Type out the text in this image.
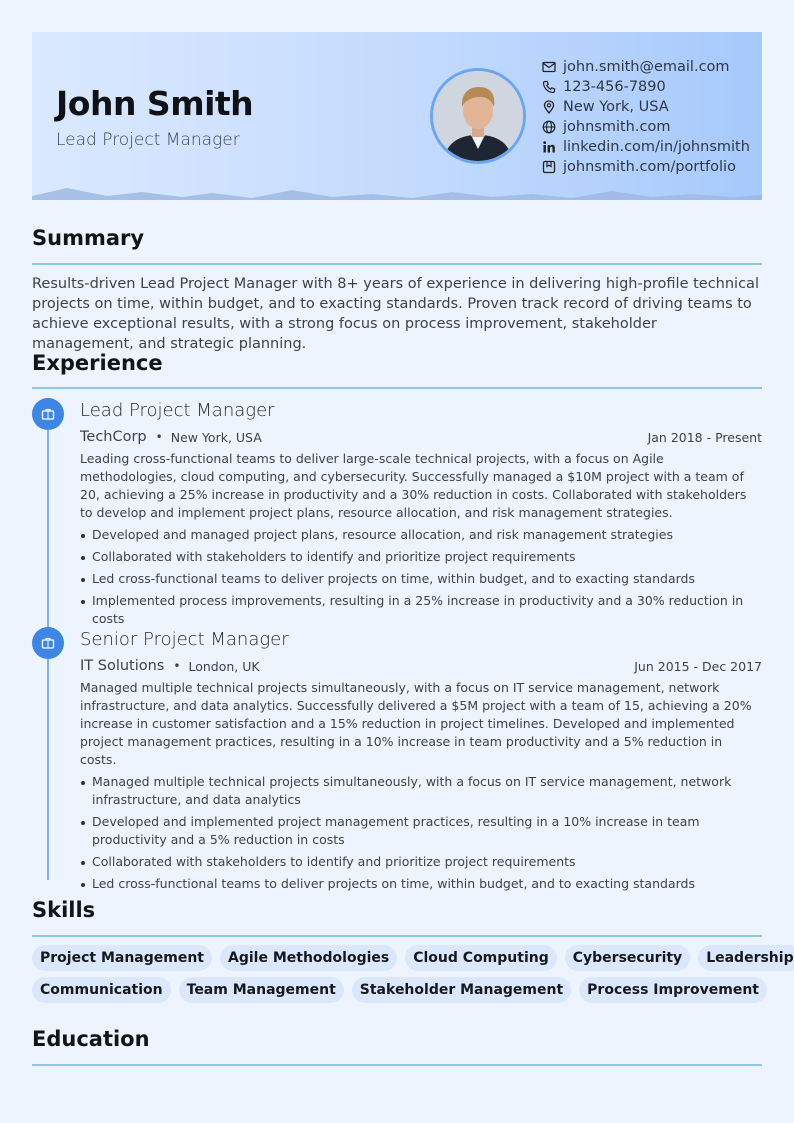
John Smith
Lead Project Manager
john.smith@email.com
123-456-7890
New York, USA
johnsmith.com
linkedin.com/in/johnsmith
johnsmith.com/portfolio
Summary
Results-driven Lead Project Manager with 8+ years of experience in delivering high-profile technical projects on time, within budget, and to exacting standards. Proven track record of driving teams to achieve exceptional results, with a strong focus on process improvement, stakeholder management, and strategic planning.
Experience
Lead Project Manager
TechCorp • New York, USA	Jan 2018 - Present
Leading cross-functional teams to deliver large-scale technical projects, with a focus on Agile methodologies, cloud computing, and cybersecurity. Successfully managed a $10M project with a team of 20, achieving a 25% increase in productivity and a 30% reduction in costs. Collaborated with stakeholders to develop and implement project plans, resource allocation, and risk management strategies.
Developed and managed project plans, resource allocation, and risk management strategies
Collaborated with stakeholders to identify and prioritize project requirements
Led cross-functional teams to deliver projects on time, within budget, and to exacting standards
Implemented process improvements, resulting in a 25% increase in productivity and a 30% reduction in costs
Senior Project Manager
IT Solutions • London, UK	Jun 2015 - Dec 2017
Managed multiple technical projects simultaneously, with a focus on IT service management, network infrastructure, and data analytics. Successfully delivered a $5M project with a team of 15, achieving a 20% increase in customer satisfaction and a 15% reduction in project timelines. Developed and implemented project management practices, resulting in a 10% increase in team productivity and a 5% reduction in costs.
Managed multiple technical projects simultaneously, with a focus on IT service management, network infrastructure, and data analytics
Developed and implemented project management practices, resulting in a 10% increase in team productivity and a 5% reduction in costs
Collaborated with stakeholders to identify and prioritize project requirements
Led cross-functional teams to deliver projects on time, within budget, and to exacting standards
Skills
Project Management	Agile Methodologies	Cloud Computing	Cybersecurity	Leadership
Communication	Team Management	Stakeholder Management	Process Improvement
Education
